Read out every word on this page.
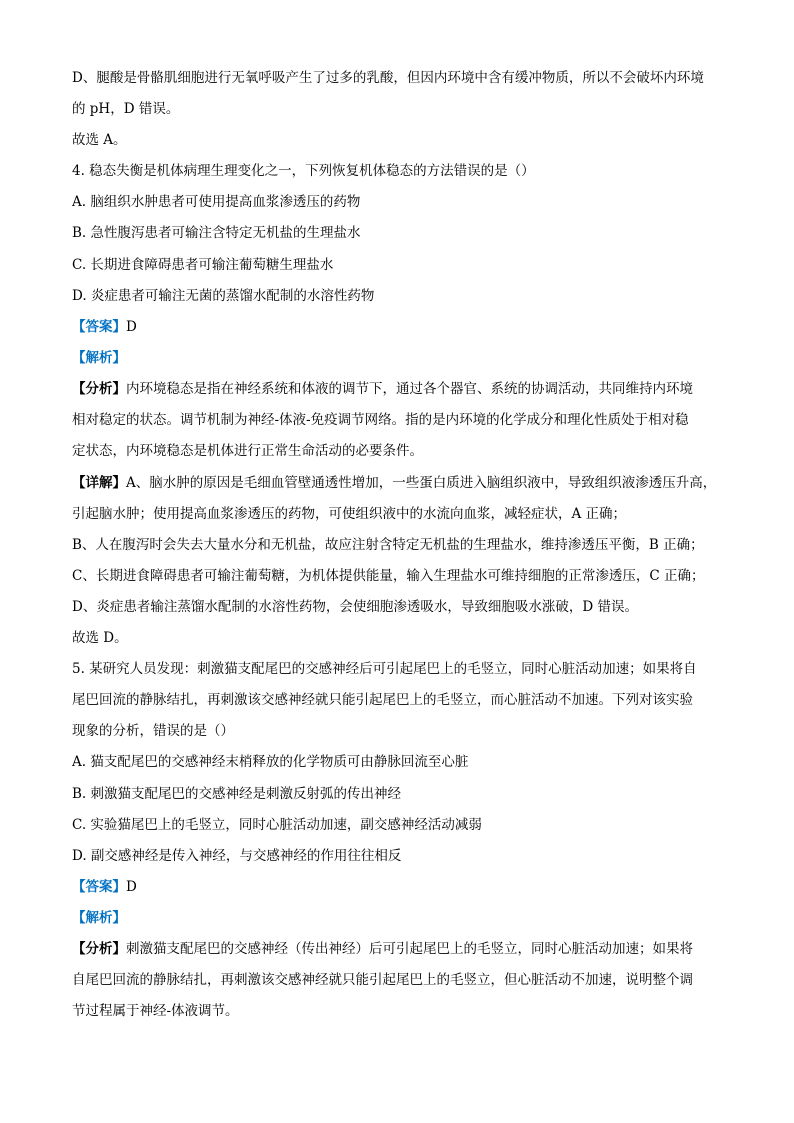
D、腿酸是骨骼肌细胞进行无氧呼吸产生了过多的乳酸，但因内环境中含有缓冲物质，所以不会破坏内环境
的 pH，D 错误。
故选 A。
4. 稳态失衡是机体病理生理变化之一，下列恢复机体稳态的方法错误的是（）
A. 脑组织水肿患者可使用提高血浆渗透压的药物
B. 急性腹泻患者可输注含特定无机盐的生理盐水
C. 长期进食障碍患者可输注葡萄糖生理盐水
D. 炎症患者可输注无菌的蒸馏水配制的水溶性药物
【答案】D
【解析】
【分析】内环境稳态是指在神经系统和体液的调节下，通过各个器官、系统的协调活动，共同维持内环境
相对稳定的状态。调节机制为神经-体液-免疫调节网络。指的是内环境的化学成分和理化性质处于相对稳
定状态，内环境稳态是机体进行正常生命活动的必要条件。
【详解】A、脑水肿的原因是毛细血管壁通透性增加，一些蛋白质进入脑组织液中，导致组织液渗透压升高，
引起脑水肿；使用提高血浆渗透压的药物，可使组织液中的水流向血浆，减轻症状，A 正确；
B、人在腹泻时会失去大量水分和无机盐，故应注射含特定无机盐的生理盐水，维持渗透压平衡，B 正确；
C、长期进食障碍患者可输注葡萄糖，为机体提供能量，输入生理盐水可维持细胞的正常渗透压，C 正确；
D、炎症患者输注蒸馏水配制的水溶性药物，会使细胞渗透吸水，导致细胞吸水涨破，D 错误。
故选 D。
5. 某研究人员发现：刺激猫支配尾巴的交感神经后可引起尾巴上的毛竖立，同时心脏活动加速；如果将自
尾巴回流的静脉结扎，再刺激该交感神经就只能引起尾巴上的毛竖立，而心脏活动不加速。下列对该实验
现象的分析，错误的是（）
A. 猫支配尾巴的交感神经末梢释放的化学物质可由静脉回流至心脏
B. 刺激猫支配尾巴的交感神经是刺激反射弧的传出神经
C. 实验猫尾巴上的毛竖立，同时心脏活动加速，副交感神经活动减弱
D. 副交感神经是传入神经，与交感神经的作用往往相反
【答案】D
【解析】
【分析】刺激猫支配尾巴的交感神经（传出神经）后可引起尾巴上的毛竖立，同时心脏活动加速；如果将
自尾巴回流的静脉结扎，再刺激该交感神经就只能引起尾巴上的毛竖立，但心脏活动不加速，说明整个调
节过程属于神经-体液调节。
